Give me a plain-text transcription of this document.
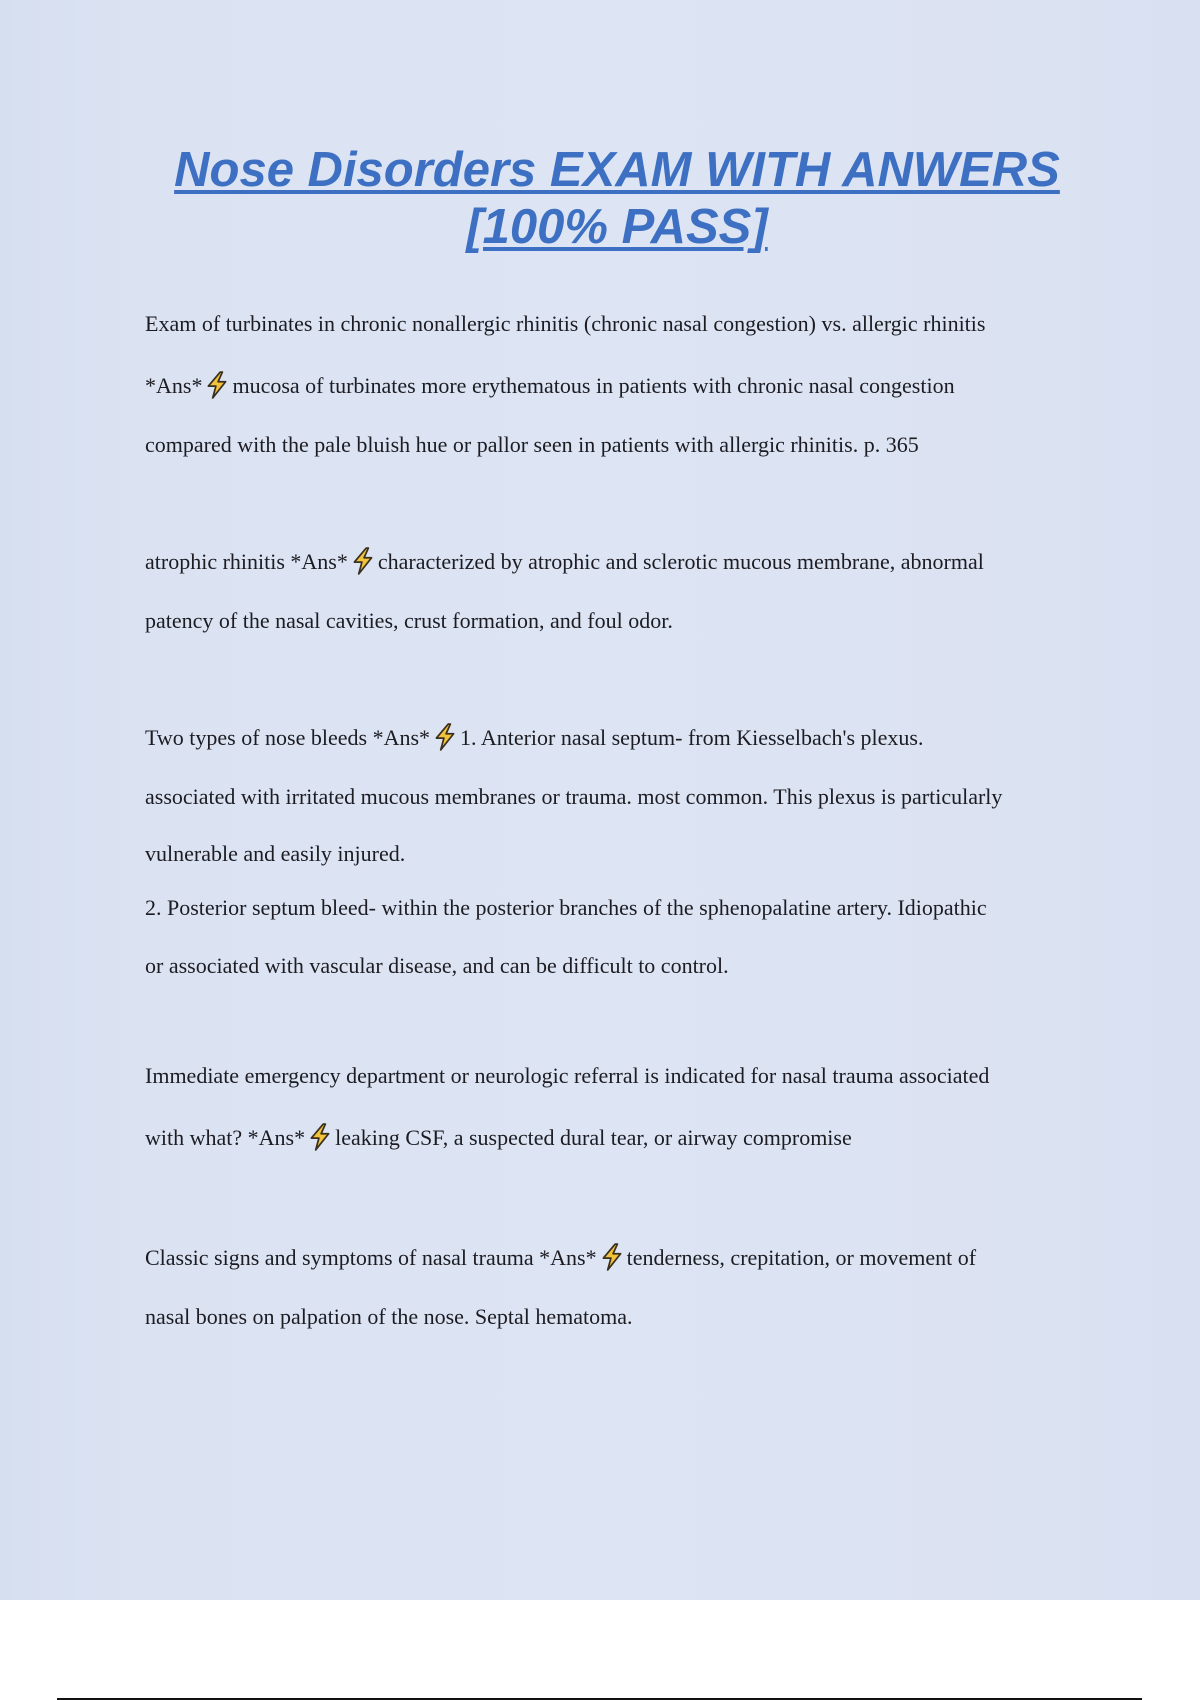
Nose Disorders EXAM WITH ANWERS [100% PASS]
Exam of turbinates in chronic nonallergic rhinitis (chronic nasal congestion) vs. allergic rhinitis
*Ans* mucosa of turbinates more erythematous in patients with chronic nasal congestion
compared with the pale bluish hue or pallor seen in patients with allergic rhinitis. p. 365
atrophic rhinitis *Ans* characterized by atrophic and sclerotic mucous membrane, abnormal
patency of the nasal cavities, crust formation, and foul odor.
Two types of nose bleeds *Ans* 1. Anterior nasal septum- from Kiesselbach's plexus.
associated with irritated mucous membranes or trauma. most common. This plexus is particularly
vulnerable and easily injured.
2. Posterior septum bleed- within the posterior branches of the sphenopalatine artery. Idiopathic
or associated with vascular disease, and can be difficult to control.
Immediate emergency department or neurologic referral is indicated for nasal trauma associated
with what? *Ans* leaking CSF, a suspected dural tear, or airway compromise
Classic signs and symptoms of nasal trauma *Ans* tenderness, crepitation, or movement of
nasal bones on palpation of the nose. Septal hematoma.
